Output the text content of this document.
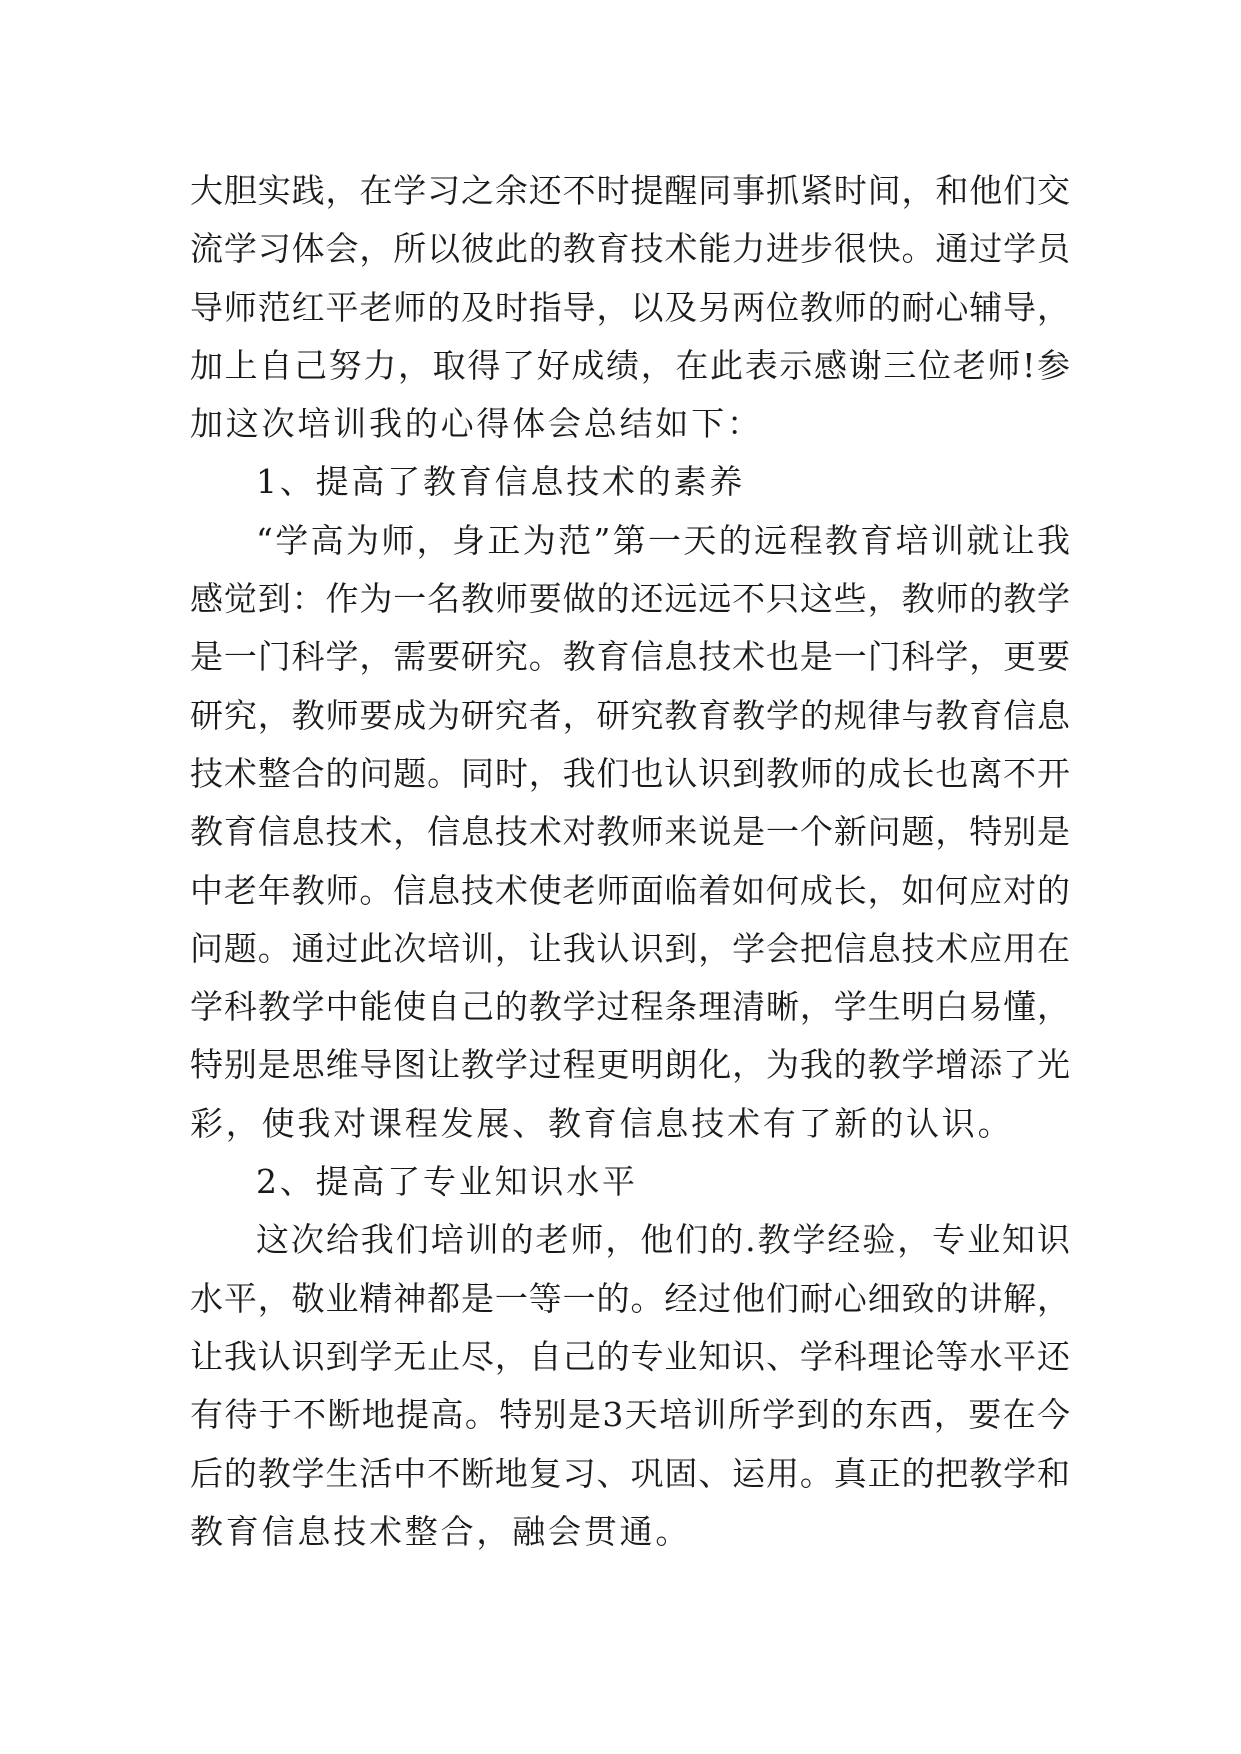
大胆实践，在学习之余还不时提醒同事抓紧时间，和他们交
流学习体会，所以彼此的教育技术能力进步很快。通过学员
导师范红平老师的及时指导，以及另两位教师的耐心辅导，
加上自己努力，取得了好成绩，在此表示感谢三位老师!参
加这次培训我的心得体会总结如下：
1、提高了教育信息技术的素养
“学高为师，身正为范”第一天的远程教育培训就让我
感觉到：作为一名教师要做的还远远不只这些，教师的教学
是一门科学，需要研究。教育信息技术也是一门科学，更要
研究，教师要成为研究者，研究教育教学的规律与教育信息
技术整合的问题。同时，我们也认识到教师的成长也离不开
教育信息技术，信息技术对教师来说是一个新问题，特别是
中老年教师。信息技术使老师面临着如何成长，如何应对的
问题。通过此次培训，让我认识到，学会把信息技术应用在
学科教学中能使自己的教学过程条理清晰，学生明白易懂，
特别是思维导图让教学过程更明朗化，为我的教学增添了光
彩，使我对课程发展、教育信息技术有了新的认识。
2、提高了专业知识水平
这次给我们培训的老师，他们的.教学经验，专业知识
水平，敬业精神都是一等一的。经过他们耐心细致的讲解，
让我认识到学无止尽，自己的专业知识、学科理论等水平还
有待于不断地提高。特别是3天培训所学到的东西，要在今
后的教学生活中不断地复习、巩固、运用。真正的把教学和
教育信息技术整合，融会贯通。
